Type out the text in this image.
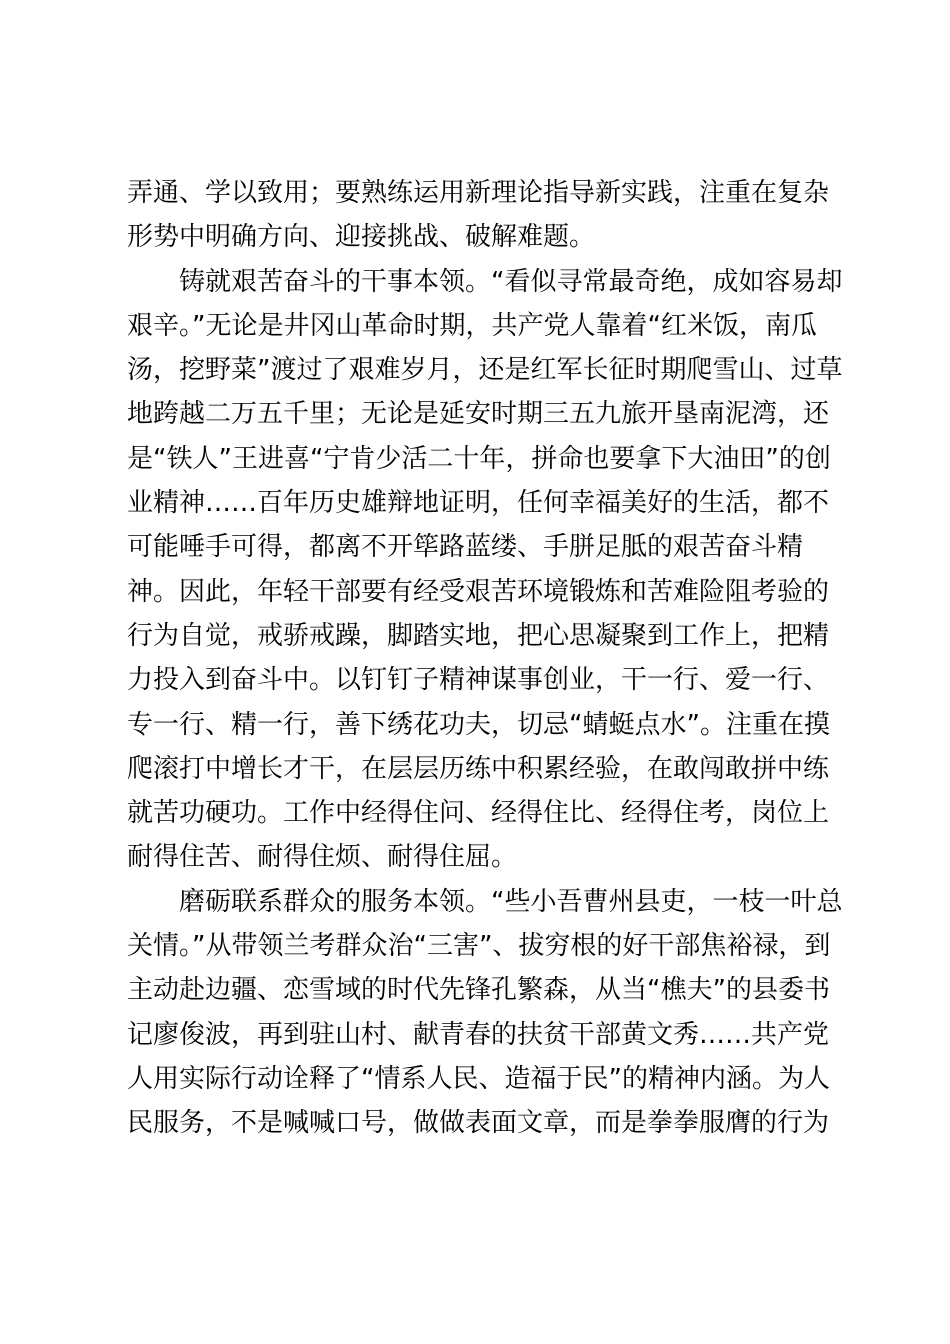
弄通、学以致用；要熟练运用新理论指导新实践，注重在复杂
形势中明确方向、迎接挑战、破解难题。
铸就艰苦奋斗的干事本领。“看似寻常最奇绝，成如容易却
艰辛。”无论是井冈山革命时期，共产党人靠着“红米饭，南瓜
汤，挖野菜”渡过了艰难岁月，还是红军长征时期爬雪山、过草
地跨越二万五千里；无论是延安时期三五九旅开垦南泥湾，还
是“铁人”王进喜“宁肯少活二十年，拼命也要拿下大油田”的创
业精神……百年历史雄辩地证明，任何幸福美好的生活，都不
可能唾手可得，都离不开筚路蓝缕、手胼足胝的艰苦奋斗精
神。因此，年轻干部要有经受艰苦环境锻炼和苦难险阻考验的
行为自觉，戒骄戒躁，脚踏实地，把心思凝聚到工作上，把精
力投入到奋斗中。以钉钉子精神谋事创业，干一行、爱一行、
专一行、精一行，善下绣花功夫，切忌“蜻蜓点水”。注重在摸
爬滚打中增长才干，在层层历练中积累经验，在敢闯敢拼中练
就苦功硬功。工作中经得住问、经得住比、经得住考，岗位上
耐得住苦、耐得住烦、耐得住屈。
磨砺联系群众的服务本领。“些小吾曹州县吏，一枝一叶总
关情。”从带领兰考群众治“三害”、拔穷根的好干部焦裕禄，到
主动赴边疆、恋雪域的时代先锋孔繁森，从当“樵夫”的县委书
记廖俊波，再到驻山村、献青春的扶贫干部黄文秀……共产党
人用实际行动诠释了“情系人民、造福于民”的精神内涵。为人
民服务，不是喊喊口号，做做表面文章，而是拳拳服膺的行为
